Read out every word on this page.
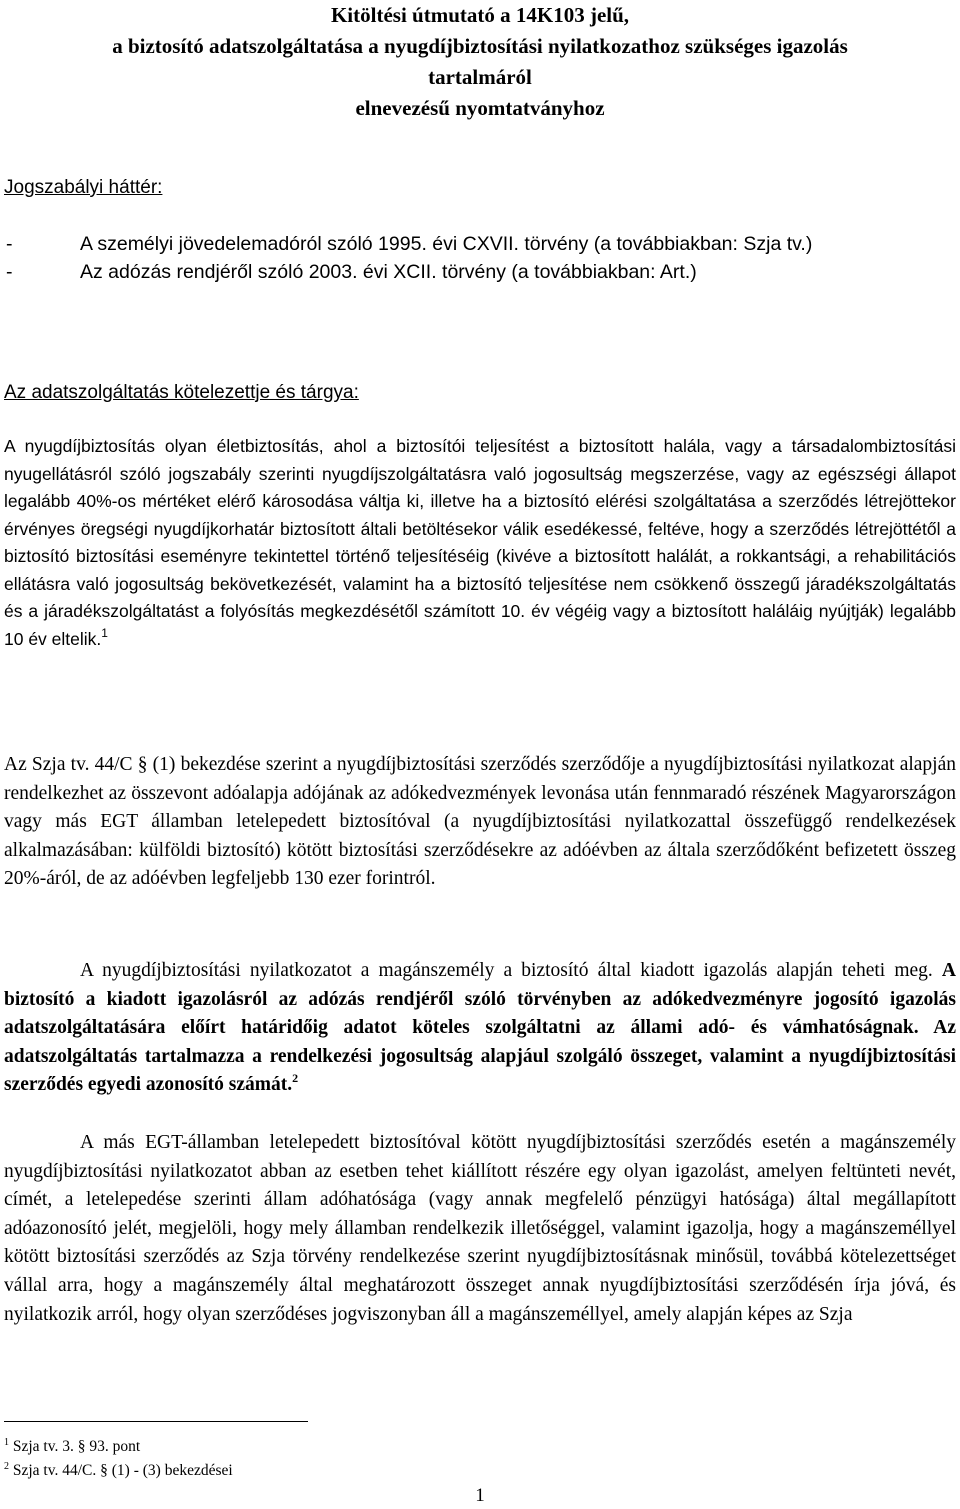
Kitöltési útmutató a 14K103 jelű,
a biztosító adatszolgáltatása a nyugdíjbiztosítási nyilatkozathoz szükséges igazolás
tartalmáról
elnevezésű nyomtatványhoz
Jogszabályi háttér:
-	A személyi jövedelemadóról szóló 1995. évi CXVII. törvény (a továbbiakban: Szja tv.)
-	Az adózás rendjéről szóló 2003. évi XCII. törvény (a továbbiakban: Art.)
Az adatszolgáltatás kötelezettje és tárgya:
A nyugdíjbiztosítás olyan életbiztosítás, ahol a biztosítói teljesítést a biztosított halála, vagy a társadalombiztosítási nyugellátásról szóló jogszabály szerinti nyugdíjszolgáltatásra való jogosultság megszerzése, vagy az egészségi állapot legalább 40%-os mértéket elérő károsodása váltja ki, illetve ha a biztosító elérési szolgáltatása a szerződés létrejöttekor érvényes öregségi nyugdíjkorhatár biztosított általi betöltésekor válik esedékessé, feltéve, hogy a szerződés létrejöttétől a biztosító biztosítási eseményre tekintettel történő teljesítéséig (kivéve a biztosított halálát, a rokkantsági, a rehabilitációs ellátásra való jogosultság bekövetkezését, valamint ha a biztosító teljesítése nem csökkenő összegű járadékszolgáltatás és a járadékszolgáltatást a folyósítás megkezdésétől számított 10. év végéig vagy a biztosított haláláig nyújtják) legalább 10 év eltelik.$^1$
Az Szja tv. 44/C § (1) bekezdése szerint a nyugdíjbiztosítási szerződés szerződője a nyugdíjbiztosítási nyilatkozat alapján rendelkezhet az összevont adóalapja adójának az adókedvezmények levonása után fennmaradó részének Magyarországon vagy más EGT államban letelepedett biztosítóval (a nyugdíjbiztosítási nyilatkozattal összefüggő rendelkezések alkalmazásában: külföldi biztosító) kötött biztosítási szerződésekre az adóévben az általa szerződőként befizetett összeg 20%-áról, de az adóévben legfeljebb 130 ezer forintról.
A nyugdíjbiztosítási nyilatkozatot a magánszemély a biztosító által kiadott igazolás alapján teheti meg. A biztosító a kiadott igazolásról az adózás rendjéről szóló törvényben az adókedvezményre jogosító igazolás adatszolgáltatására előírt határidőig adatot köteles szolgáltatni az állami adó- és vámhatóságnak. Az adatszolgáltatás tartalmazza a rendelkezési jogosultság alapjául szolgáló összeget, valamint a nyugdíjbiztosítási szerződés egyedi azonosító számát.$^2$
A más EGT-államban letelepedett biztosítóval kötött nyugdíjbiztosítási szerződés esetén a magánszemély nyugdíjbiztosítási nyilatkozatot abban az esetben tehet kiállított részére egy olyan igazolást, amelyen feltünteti nevét, címét, a letelepedése szerinti állam adóhatósága (vagy annak megfelelő pénzügyi hatósága) által megállapított adóazonosító jelét, megjelöli, hogy mely államban rendelkezik illetőséggel, valamint igazolja, hogy a magánszeméllyel kötött biztosítási szerződés az Szja törvény rendelkezése szerint nyugdíjbiztosításnak minősül, továbbá kötelezettséget vállal arra, hogy a magánszemély által meghatározott összeget annak nyugdíjbiztosítási szerződésén írja jóvá, és nyilatkozik arról, hogy olyan szerződéses jogviszonyban áll a magánszeméllyel, amely alapján képes az Szja
$^1$ Szja tv. 3. § 93. pont
$^2$ Szja tv. 44/C. § (1) - (3) bekezdései
1
